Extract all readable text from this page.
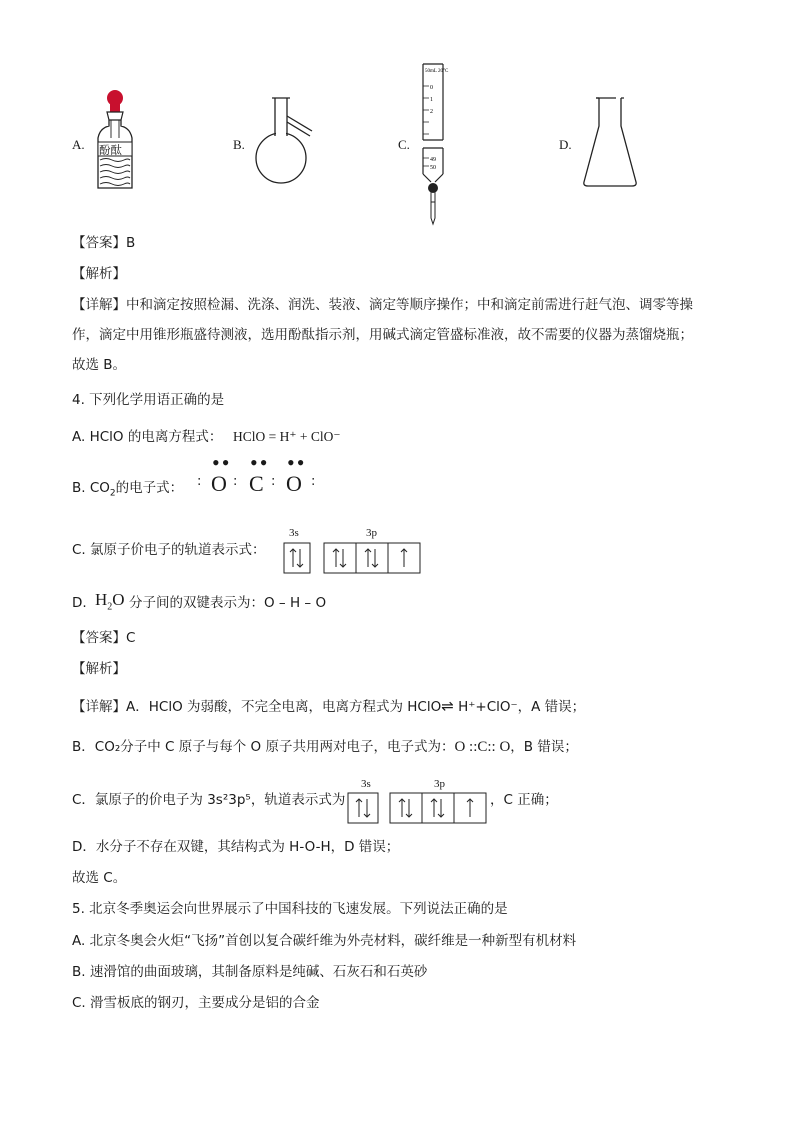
A. 酚酞	B.	C.
50mL 20°C
0
1
2
49
50
D.
【答案】B
【解析】
【详解】中和滴定按照检漏、洗涤、润洗、装液、滴定等顺序操作；中和滴定前需进行赶气泡、调零等操
作，滴定中用锥形瓶盛待测液，选用酚酞指示剂，用碱式滴定管盛标准液，故不需要的仪器为蒸馏烧瓶；
故选 B。
4. 下列化学用语正确的是
A. HClO 的电离方程式： HClO = H⁺ + ClO⁻
B. $CO_2$的电子式：
•• •• ••
: O : C : O :
C. 氯原子价电子的轨道表示式：
3s	3p
D. $H_2O$ 分子间的双键表示为：O – H – O
【答案】C
【解析】
【详解】A．HClO 为弱酸，不完全电离，电离方程式为 HClO⇌ H⁺+ClO⁻，A 错误；
B．CO₂分子中 C 原子与每个 O 原子共用两对电子，电子式为：O ::C:: O，B 错误；
C．氯原子的价电子为 3s²3p⁵，轨道表示式为
3s	3p
，C 正确；
D．水分子不存在双键，其结构式为 H-O-H，D 错误；
故选 C。
5. 北京冬季奥运会向世界展示了中国科技的飞速发展。下列说法正确的是
A. 北京冬奥会火炬“飞扬”首创以复合碳纤维为外壳材料，碳纤维是一种新型有机材料
B. 速滑馆的曲面玻璃，其制备原料是纯碱、石灰石和石英砂
C. 滑雪板底的钢刃，主要成分是铝的合金
